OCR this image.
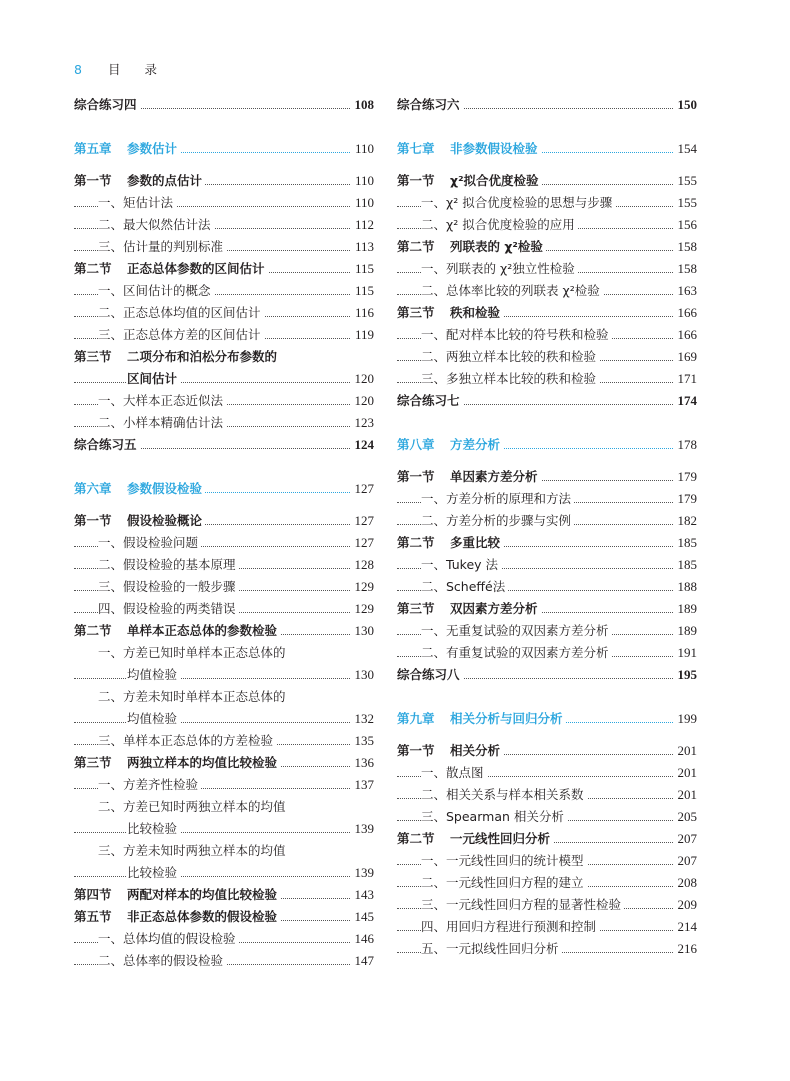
8 目 录
综合练习四	108
第五章 参数估计	110
第一节 参数的点估计	110
一、矩估计法	110
二、最大似然估计法	112
三、估计量的判别标准	113
第二节 正态总体参数的区间估计	115
一、区间估计的概念	115
二、正态总体均值的区间估计	116
三、正态总体方差的区间估计	119
第三节 二项分布和泊松分布参数的
区间估计	120
一、大样本正态近似法	120
二、小样本精确估计法	123
综合练习五	124
第六章 参数假设检验	127
第一节 假设检验概论	127
一、假设检验问题	127
二、假设检验的基本原理	128
三、假设检验的一般步骤	129
四、假设检验的两类错误	129
第二节 单样本正态总体的参数检验	130
一、方差已知时单样本正态总体的
均值检验	130
二、方差未知时单样本正态总体的
均值检验	132
三、单样本正态总体的方差检验	135
第三节 两独立样本的均值比较检验	136
一、方差齐性检验	137
二、方差已知时两独立样本的均值
比较检验	139
三、方差未知时两独立样本的均值
比较检验	139
第四节 两配对样本的均值比较检验	143
第五节 非正态总体参数的假设检验	145
一、总体均值的假设检验	146
二、总体率的假设检验	147
综合练习六	150
第七章 非参数假设检验	154
第一节 χ²拟合优度检验	155
一、χ² 拟合优度检验的思想与步骤	155
二、χ² 拟合优度检验的应用	156
第二节 列联表的 χ²检验	158
一、列联表的 χ²独立性检验	158
二、总体率比较的列联表 χ²检验	163
第三节 秩和检验	166
一、配对样本比较的符号秩和检验	166
二、两独立样本比较的秩和检验	169
三、多独立样本比较的秩和检验	171
综合练习七	174
第八章 方差分析	178
第一节 单因素方差分析	179
一、方差分析的原理和方法	179
二、方差分析的步骤与实例	182
第二节 多重比较	185
一、Tukey 法	185
二、Scheffé法	188
第三节 双因素方差分析	189
一、无重复试验的双因素方差分析	189
二、有重复试验的双因素方差分析	191
综合练习八	195
第九章 相关分析与回归分析	199
第一节 相关分析	201
一、散点图	201
二、相关关系与样本相关系数	201
三、Spearman 相关分析	205
第二节 一元线性回归分析	207
一、一元线性回归的统计模型	207
二、一元线性回归方程的建立	208
三、一元线性回归方程的显著性检验	209
四、用回归方程进行预测和控制	214
五、一元拟线性回归分析	216
